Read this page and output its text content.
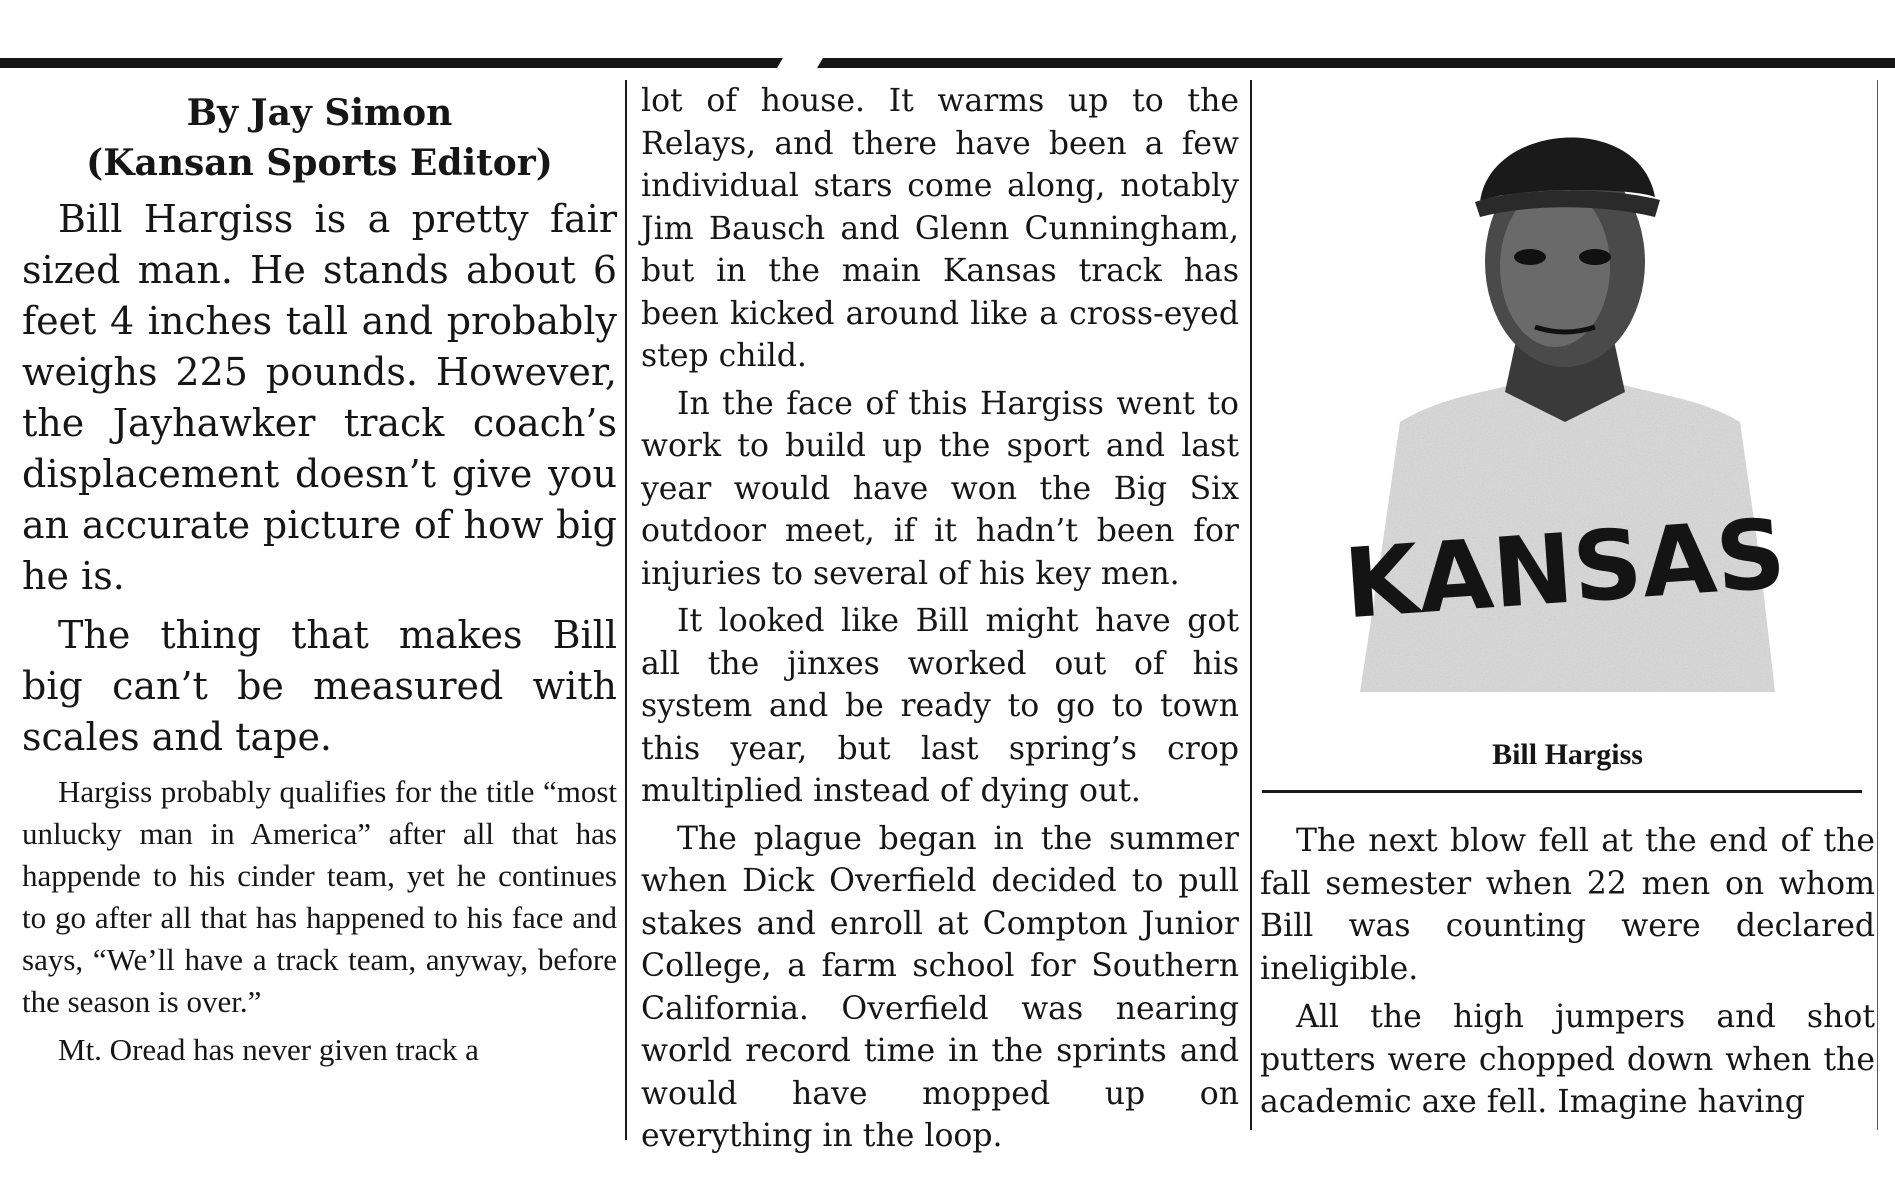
By Jay Simon
(Kansan Sports Editor)

Bill Hargiss is a pretty fair sized man. He stands about 6 feet 4 inches tall and probably weighs 225 pounds. However, the Jayhawker track coach’s displacement doesn’t give you an accurate picture of how big he is.

The thing that makes Bill big can’t be measured with scales and tape.

Hargiss probably qualifies for the title “most unlucky man in America” after all that has happende to his cinder team, yet he continues to go after all that has happened to his face and says, “We’ll have a track team, anyway, before the season is over.”

Mt. Oread has never given track a

lot of house. It warms up to the Relays, and there have been a few individual stars come along, notably Jim Bausch and Glenn Cunningham, but in the main Kansas track has been kicked around like a cross-eyed step child.

In the face of this Hargiss went to work to build up the sport and last year would have won the Big Six outdoor meet, if it hadn’t been for injuries to several of his key men.

It looked like Bill might have got all the jinxes worked out of his system and be ready to go to town this year, but last spring’s crop multiplied instead of dying out.

The plague began in the summer when Dick Overfield decided to pull stakes and enroll at Compton Junior College, a farm school for Southern California. Overfield was nearing world record time in the sprints and would have mopped up on everything in the loop.

KANSAS
Bill Hargiss

The next blow fell at the end of the fall semester when 22 men on whom Bill was counting were declared ineligible.

All the high jumpers and shot putters were chopped down when the academic axe fell. Imagine having
